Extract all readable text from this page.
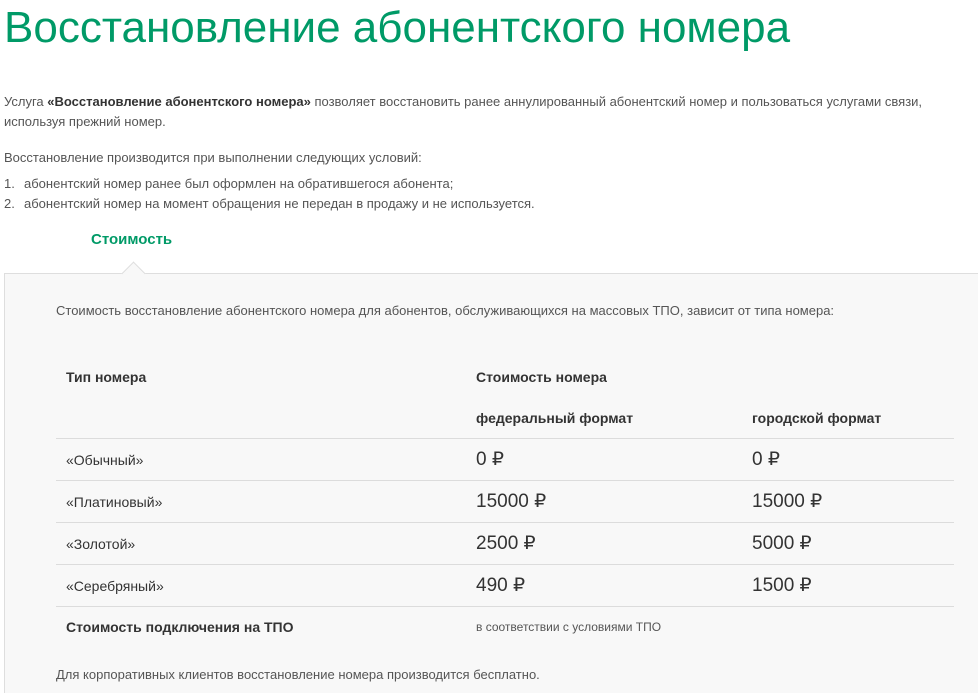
Восстановление абонентского номера

Услуга «Восстановление абонентского номера» позволяет восстановить ранее аннулированный абонентский номер и пользоваться услугами связи, используя прежний номер.

Восстановление производится при выполнении следующих условий:

1. абонентский номер ранее был оформлен на обратившегося абонента;
2. абонентский номер на момент обращения не передан в продажу и не используется.
Стоимость

Стоимость восстановление абонентского номера для абонентов, обслуживающихся на массовых ТПО, зависит от типа номера:

Тип номера	Стоимость номера	
	федеральный формат	городской формат
«Обычный»	0 ₽	0 ₽
«Платиновый»	15000 ₽	15000 ₽
«Золотой»	2500 ₽	5000 ₽
«Серебряный»	490 ₽	1500 ₽
Стоимость подключения на ТПО	в соответствии с условиями ТПО	

Для корпоративных клиентов восстановление номера производится бесплатно.
